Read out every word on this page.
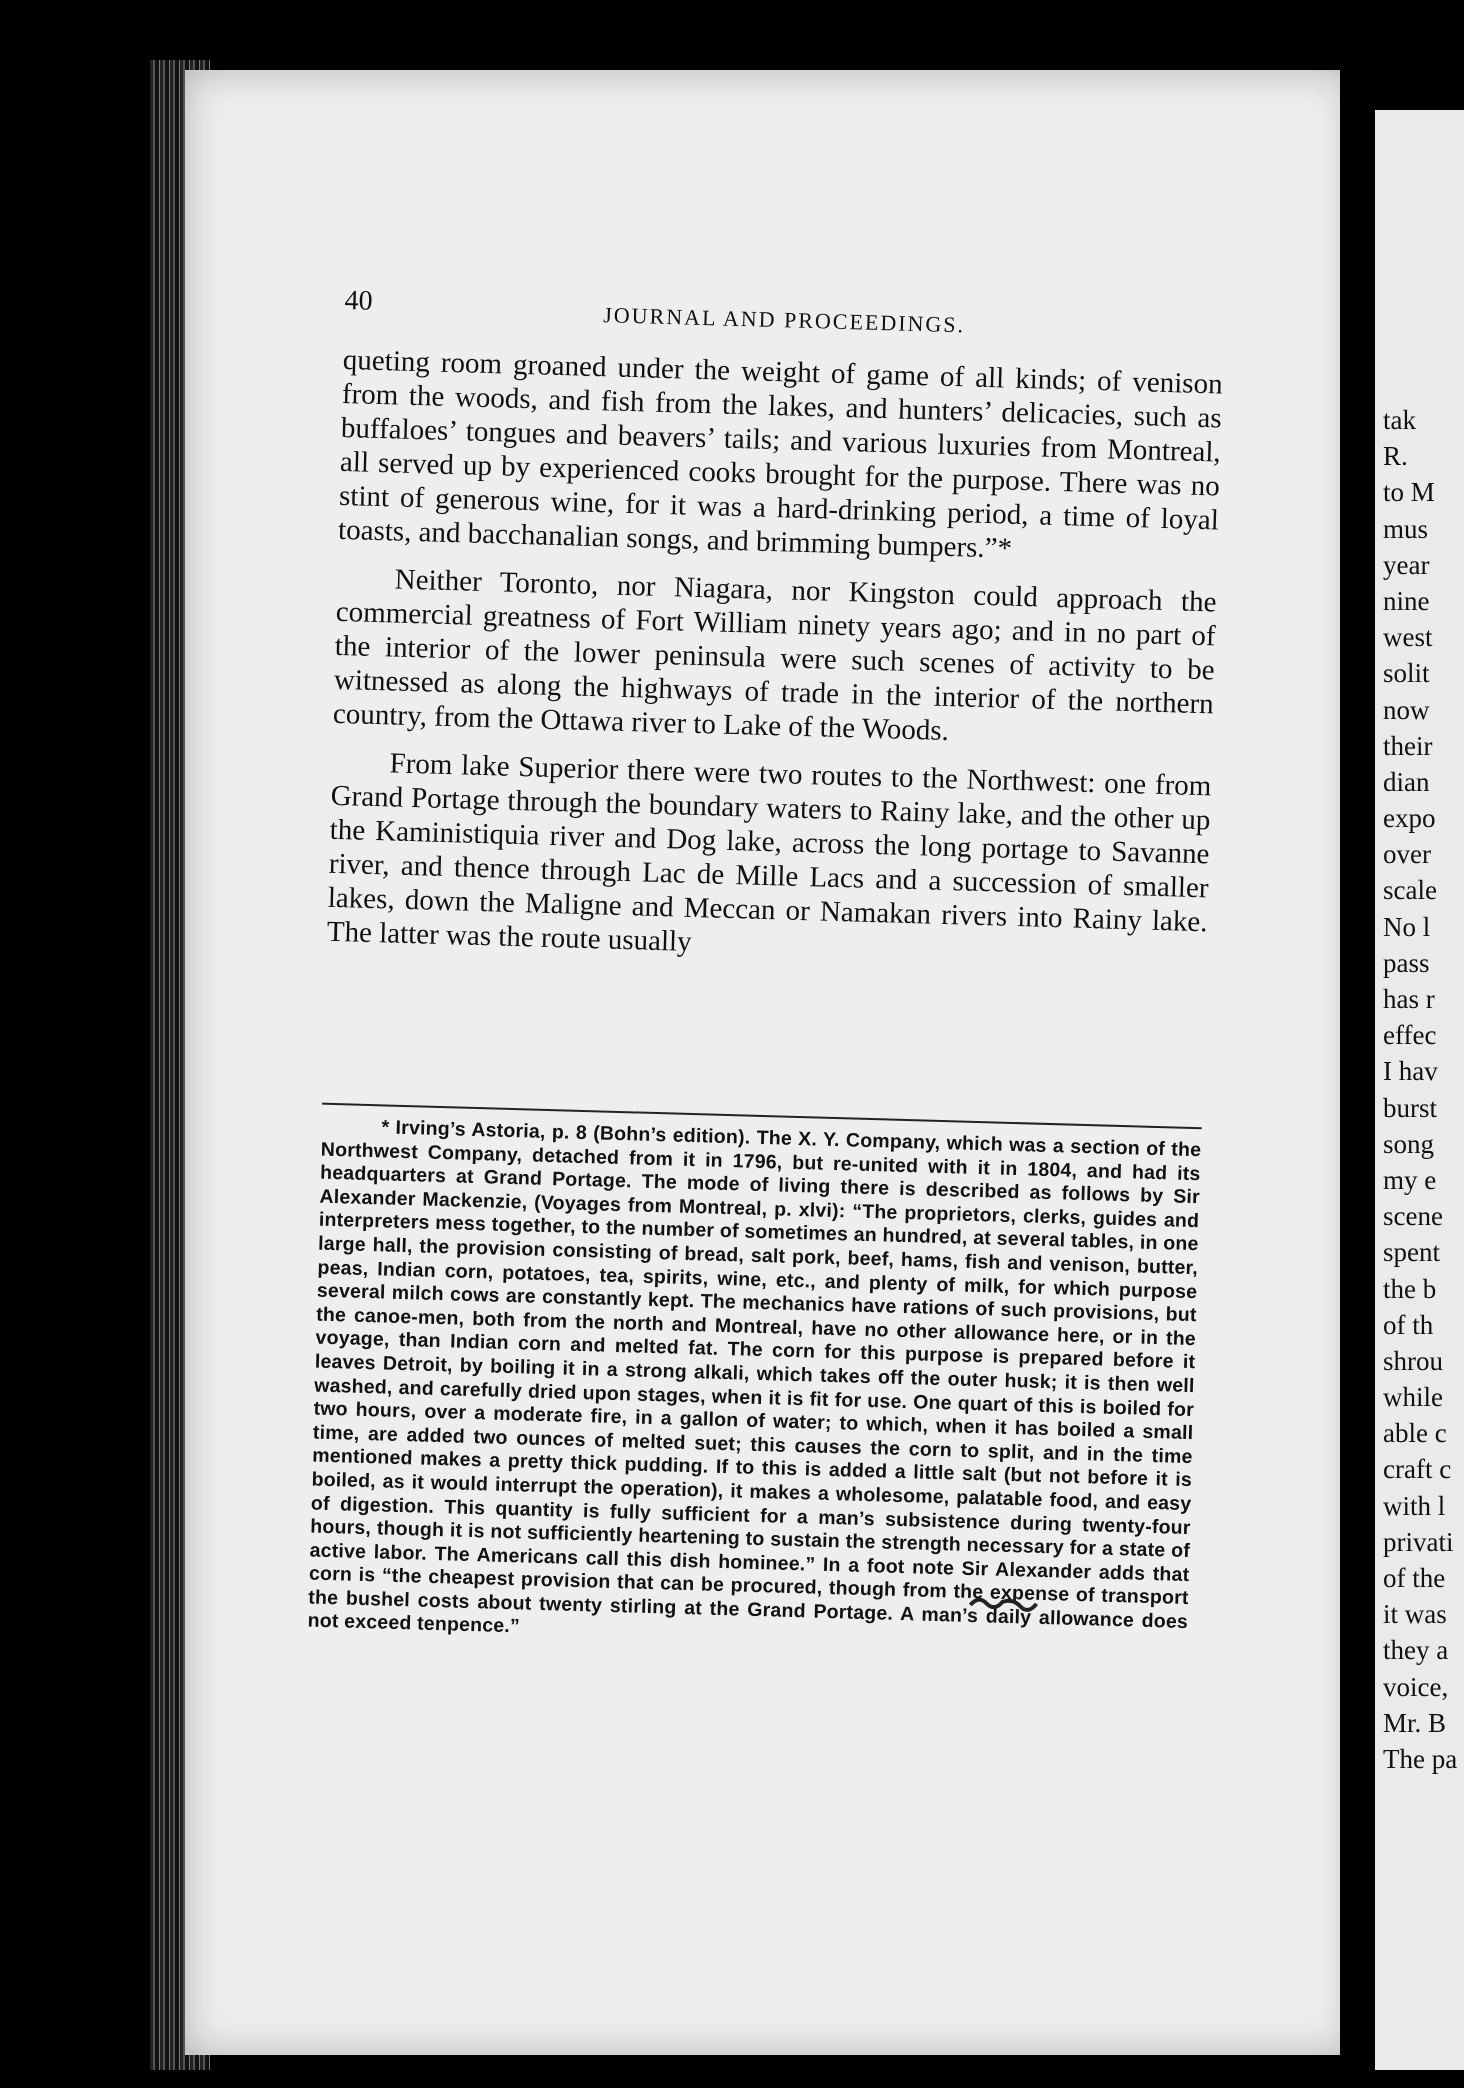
40
JOURNAL AND PROCEEDINGS.

queting room groaned under the weight of game of all kinds; of venison from the woods, and fish from the lakes, and hunters’ delicacies, such as buffaloes’ tongues and beavers’ tails; and various luxuries from Montreal, all served up by experienced cooks brought for the purpose. There was no stint of generous wine, for it was a hard-drinking period, a time of loyal toasts, and bacchanalian songs, and brimming bumpers.”*

Neither Toronto, nor Niagara, nor Kingston could approach the commercial greatness of Fort William ninety years ago; and in no part of the interior of the lower peninsula were such scenes of activity to be witnessed as along the highways of trade in the interior of the northern country, from the Ottawa river to Lake of the Woods.

From lake Superior there were two routes to the Northwest: one from Grand Portage through the boundary waters to Rainy lake, and the other up the Kaministiquia river and Dog lake, across the long portage to Savanne river, and thence through Lac de Mille Lacs and a succession of smaller lakes, down the Maligne and Meccan or Namakan rivers into Rainy lake. The latter was the route usually

* Irving’s Astoria, p. 8 (Bohn’s edition). The X. Y. Company, which was a section of the Northwest Company, detached from it in 1796, but re-united with it in 1804, and had its headquarters at Grand Portage. The mode of living there is described as follows by Sir Alexander Mackenzie, (Voyages from Montreal, p. xlvi): “The proprietors, clerks, guides and interpreters mess together, to the number of sometimes an hundred, at several tables, in one large hall, the provision consisting of bread, salt pork, beef, hams, fish and venison, butter, peas, Indian corn, potatoes, tea, spirits, wine, etc., and plenty of milk, for which purpose several milch cows are constantly kept. The mechanics have rations of such provisions, but the canoe-men, both from the north and Montreal, have no other allowance here, or in the voyage, than Indian corn and melted fat. The corn for this purpose is prepared before it leaves Detroit, by boiling it in a strong alkali, which takes off the outer husk; it is then well washed, and carefully dried upon stages, when it is fit for use. One quart of this is boiled for two hours, over a moderate fire, in a gallon of water; to which, when it has boiled a small time, are added two ounces of melted suet; this causes the corn to split, and in the time mentioned makes a pretty thick pudding. If to this is added a little salt (but not before it is boiled, as it would interrupt the operation), it makes a wholesome, palatable food, and easy of digestion. This quantity is fully sufficient for a man’s subsistence during twenty-four hours, though it is not sufficiently heartening to sustain the strength necessary for a state of active labor. The Americans call this dish hominee.” In a foot note Sir Alexander adds that corn is “the cheapest provision that can be procured, though from the expense of transport the bushel costs about twenty stirling at the Grand Portage. A man’s daily allowance does not exceed tenpence.”
tak
R.
to M
mus
year
nine
west
solit
now
their
dian
expo
over
scale
No l
pass
has r
effec
I hav
burst
song
my e
scene
spent
the b
of th
shrou
while
able c
craft c
with l
privati
of the
it was
they a
voice,
Mr. B
The pa
